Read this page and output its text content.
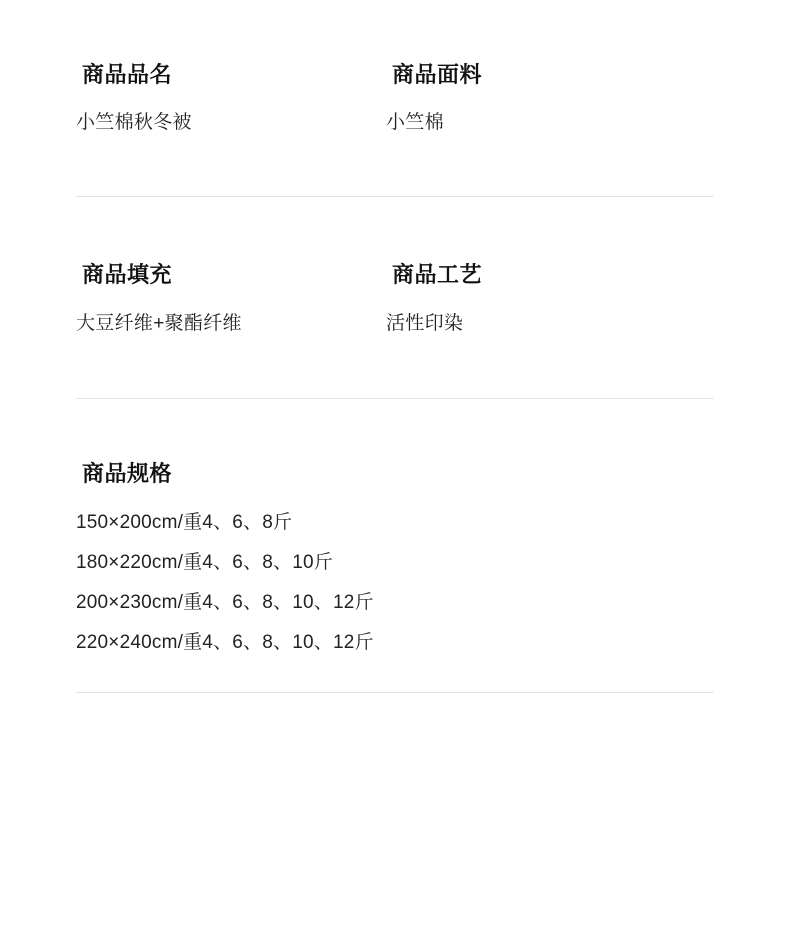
商品品名
小竺棉秋冬被
商品面料
小竺棉
商品填充
大豆纤维+聚酯纤维
商品工艺
活性印染
商品规格
150×200cm/重4、6、8斤
180×220cm/重4、6、8、10斤
200×230cm/重4、6、8、10、12斤
220×240cm/重4、6、8、10、12斤
